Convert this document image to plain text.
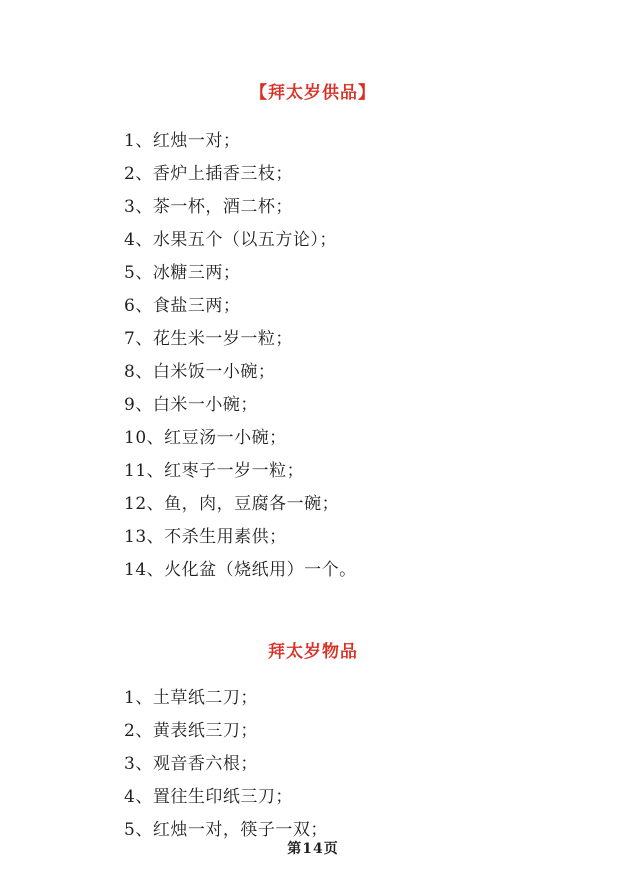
【拜太岁供品】
1、红烛一对；
2、香炉上插香三枝；
3、茶一杯，酒二杯；
4、水果五个（以五方论）；
5、冰糖三两；
6、食盐三两；
7、花生米一岁一粒；
8、白米饭一小碗；
9、白米一小碗；
10、红豆汤一小碗；
11、红枣子一岁一粒；
12、鱼，肉，豆腐各一碗；
13、不杀生用素供；
14、火化盆（烧纸用）一个。
拜太岁物品
1、土草纸二刀；
2、黄表纸三刀；
3、观音香六根；
4、置往生印纸三刀；
5、红烛一对，筷子一双；
第14页
